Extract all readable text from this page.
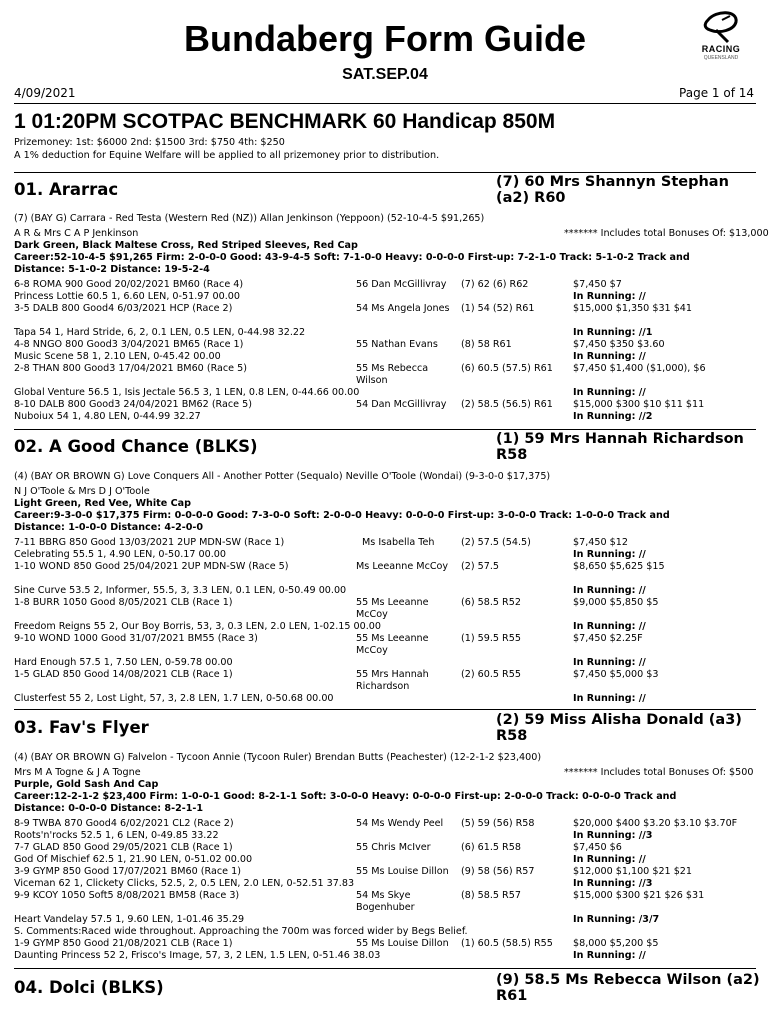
Bundaberg Form Guide
SAT.SEP.04
RACING
QUEENSLAND
4/09/2021	Page 1 of 14
1 01:20PM SCOTPAC BENCHMARK 60 Handicap 850M
Prizemoney: 1st: $6000 2nd: $1500 3rd: $750 4th: $250
A 1% deduction for Equine Welfare will be applied to all prizemoney prior to distribution.
01. Ararrac	(7) 60 Mrs Shannyn Stephan (a2) R60
(7) (BAY G) Carrara - Red Testa (Western Red (NZ)) Allan Jenkinson (Yeppoon) (52-10-4-5 $91,265)
A R & Mrs C A P Jenkinson	******* Includes total Bonuses Of: $13,000
Dark Green, Black Maltese Cross, Red Striped Sleeves, Red Cap
Career:52-10-4-5 $91,265 Firm: 2-0-0-0 Good: 43-9-4-5 Soft: 7-1-0-0 Heavy: 0-0-0-0 First-up: 7-2-1-0 Track: 5-1-0-2 Track and Distance: 5-1-0-2 Distance: 19-5-2-4
6-8 ROMA 900 Good 20/02/2021 BM60 (Race 4)	56 Dan McGillivray	(7) 62 (6) R62	$7,450 $7
Princess Lottie 60.5 1, 6.60 LEN, 0-51.97 00.00	In Running: //
3-5 DALB 800 Good4 6/03/2021 HCP (Race 2)	54 Ms Angela Jones	(1) 54 (52) R61	$15,000 $1,350 $31 $41
Tapa 54 1, Hard Stride, 6, 2, 0.1 LEN, 0.5 LEN, 0-44.98 32.22	In Running: //1
4-8 NNGO 800 Good3 3/04/2021 BM65 (Race 1)	55 Nathan Evans	(8) 58 R61	$7,450 $350 $3.60
Music Scene 58 1, 2.10 LEN, 0-45.42 00.00	In Running: //
2-8 THAN 800 Good3 17/04/2021 BM60 (Race 5)	55 Ms Rebecca Wilson
(6) 60.5 (57.5) R61 $7,450 $1,400 ($1,000), $6
Global Venture 56.5 1, Isis Jectale 56.5 3, 1 LEN, 0.8 LEN, 0-44.66 00.00	In Running: //
8-10 DALB 800 Good3 24/04/2021 BM62 (Race 5)	54 Dan McGillivray	(2) 58.5 (56.5) R61 $15,000 $300 $10 $11 $11
Nuboiux 54 1, 4.80 LEN, 0-44.99 32.27	In Running: //2
02. A Good Chance (BLKS)	(1) 59 Mrs Hannah Richardson R58
(4) (BAY OR BROWN G) Love Conquers All - Another Potter (Sequalo) Neville O'Toole (Wondai) (9-3-0-0 $17,375)
N J O'Toole & Mrs D J O'Toole
Light Green, Red Vee, White Cap
Career:9-3-0-0 $17,375 Firm: 0-0-0-0 Good: 7-3-0-0 Soft: 2-0-0-0 Heavy: 0-0-0-0 First-up: 3-0-0-0 Track: 1-0-0-0 Track and Distance: 1-0-0-0 Distance: 4-2-0-0
7-11 BBRG 850 Good 13/03/2021 2UP MDN-SW (Race 1)	Ms Isabella Teh	(2) 57.5 (54.5)	$7,450 $12
Celebrating 55.5 1, 4.90 LEN, 0-50.17 00.00	In Running: //
1-10 WOND 850 Good 25/04/2021 2UP MDN-SW (Race 5)	Ms Leeanne McCoy	(2) 57.5	$8,650 $5,625 $15
Sine Curve 53.5 2, Informer, 55.5, 3, 3.3 LEN, 0.1 LEN, 0-50.49 00.00	In Running: //
1-8 BURR 1050 Good 8/05/2021 CLB (Race 1)	55 Ms Leeanne McCoy
(6) 58.5 R52	$9,000 $5,850 $5
Freedom Reigns 55 2, Our Boy Borris, 53, 3, 0.3 LEN, 2.0 LEN, 1-02.15 00.00	In Running: //
9-10 WOND 1000 Good 31/07/2021 BM55 (Race 3)	55 Ms Leeanne McCoy
(1) 59.5 R55	$7,450 $2.25F
Hard Enough 57.5 1, 7.50 LEN, 0-59.78 00.00	In Running: //
1-5 GLAD 850 Good 14/08/2021 CLB (Race 1)	55 Mrs Hannah Richardson
(2) 60.5 R55	$7,450 $5,000 $3
Clusterfest 55 2, Lost Light, 57, 3, 2.8 LEN, 1.7 LEN, 0-50.68 00.00	In Running: //
03. Fav's Flyer	(2) 59 Miss Alisha Donald (a3) R58
(4) (BAY OR BROWN G) Falvelon - Tycoon Annie (Tycoon Ruler) Brendan Butts (Peachester) (12-2-1-2 $23,400)
Mrs M A Togne & J A Togne	******* Includes total Bonuses Of: $500
Purple, Gold Sash And Cap
Career:12-2-1-2 $23,400 Firm: 1-0-0-1 Good: 8-2-1-1 Soft: 3-0-0-0 Heavy: 0-0-0-0 First-up: 2-0-0-0 Track: 0-0-0-0 Track and Distance: 0-0-0-0 Distance: 8-2-1-1
8-9 TWBA 870 Good4 6/02/2021 CL2 (Race 2)	54 Ms Wendy Peel	(5) 59 (56) R58	$20,000 $400 $3.20 $3.10 $3.70F
Roots'n'rocks 52.5 1, 6 LEN, 0-49.85 33.22	In Running: //3
7-7 GLAD 850 Good 29/05/2021 CLB (Race 1)	55 Chris McIver	(6) 61.5 R58	$7,450 $6
God Of Mischief 62.5 1, 21.90 LEN, 0-51.02 00.00	In Running: //
3-9 GYMP 850 Good 17/07/2021 BM60 (Race 1)	55 Ms Louise Dillon	(9) 58 (56) R57	$12,000 $1,100 $21 $21
Viceman 62 1, Clickety Clicks, 52.5, 2, 0.5 LEN, 2.0 LEN, 0-52.51 37.83	In Running: //3
9-9 KCOY 1050 Soft5 8/08/2021 BM58 (Race 3)	54 Ms Skye Bogenhuber
(8) 58.5 R57	$15,000 $300 $21 $26 $31
Heart Vandelay 57.5 1, 9.60 LEN, 1-01.46 35.29	In Running: /3/7
S. Comments:Raced wide throughout. Approaching the 700m was forced wider by Begs Belief.
1-9 GYMP 850 Good 21/08/2021 CLB (Race 1)	55 Ms Louise Dillon	(1) 60.5 (58.5) R55 $8,000 $5,200 $5
Daunting Princess 52 2, Frisco's Image, 57, 3, 2 LEN, 1.5 LEN, 0-51.46 38.03	In Running: //
04. Dolci (BLKS)	(9) 58.5 Ms Rebecca Wilson (a2) R61
